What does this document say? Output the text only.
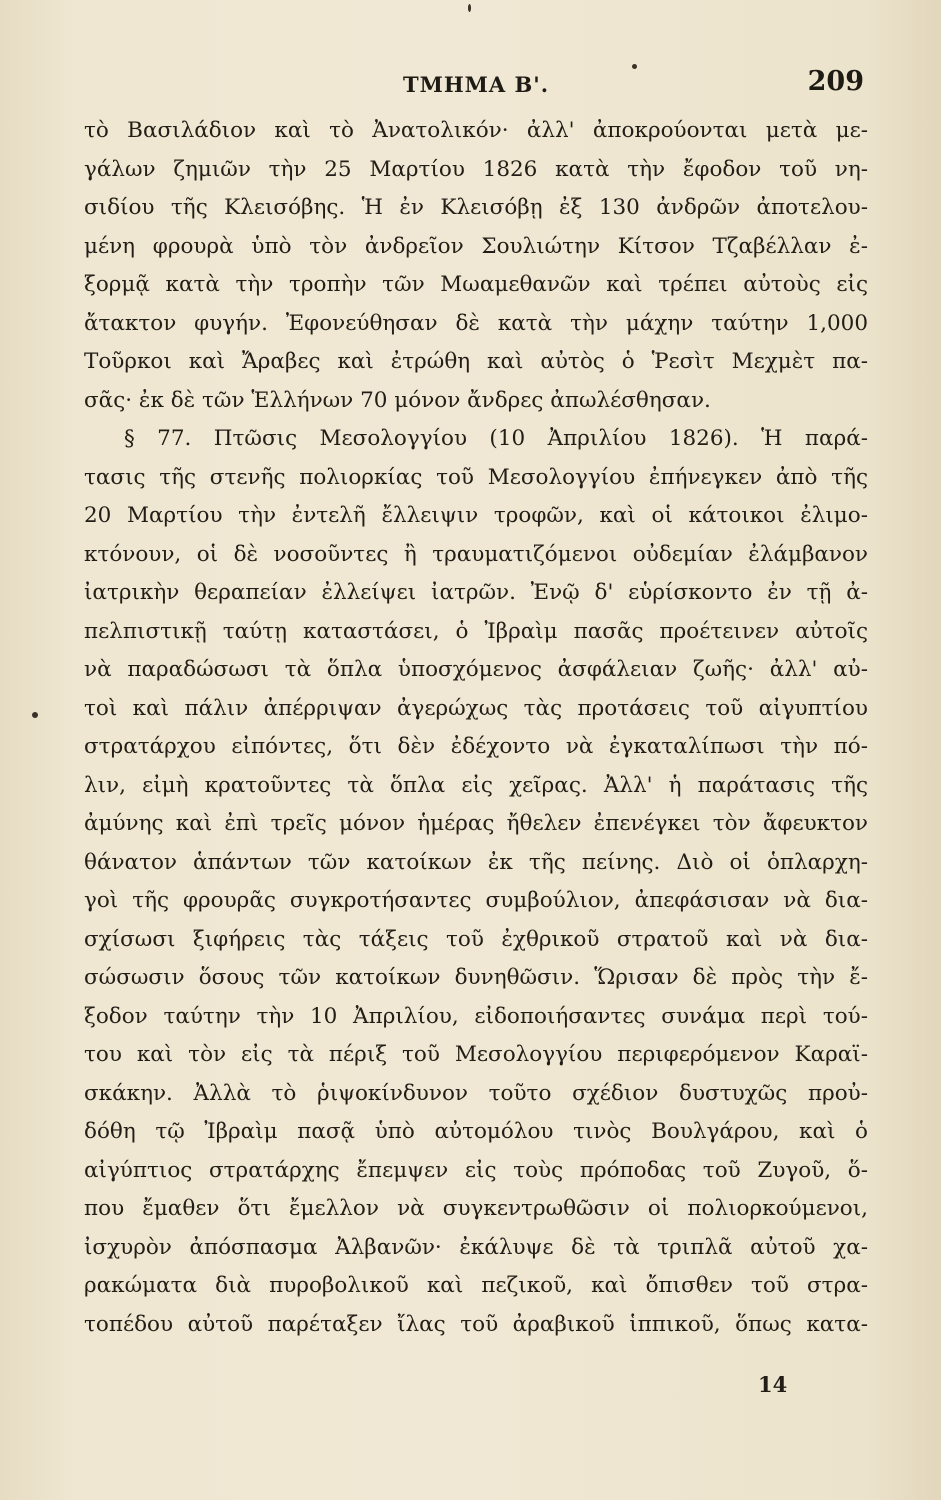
ΤΜΗΜΑ Β'.	209
τὸ Βασιλάδιον καὶ τὸ Ἀνατολικόν· ἀλλ' ἀποκρούονται μετὰ με-
γάλων ζημιῶν τὴν 25 Μαρτίου 1826 κατὰ τὴν ἔφοδον τοῦ νη-
σιδίου τῆς Κλεισόβης. Ἡ ἐν Κλεισόβῃ ἐξ 130 ἀνδρῶν ἀποτελου-
μένη φρουρὰ ὑπὸ τὸν ἀνδρεῖον Σουλιώτην Κίτσον Τζαβέλλαν ἐ-
ξορμᾷ κατὰ τὴν τροπὴν τῶν Μωαμεθανῶν καὶ τρέπει αὐτοὺς εἰς
ἄτακτον φυγήν. Ἐφονεύθησαν δὲ κατὰ τὴν μάχην ταύτην 1,000
Τοῦρκοι καὶ Ἄραβες καὶ ἐτρώθη καὶ αὐτὸς ὁ Ῥεσὶτ Μεχμὲτ πα-
σᾶς· ἐκ δὲ τῶν Ἑλλήνων 70 μόνον ἄνδρες ἀπωλέσθησαν.
§ 77. Πτῶσις Μεσολογγίου (10 Ἀπριλίου 1826). Ἡ παρά-
τασις τῆς στενῆς πολιορκίας τοῦ Μεσολογγίου ἐπήνεγκεν ἀπὸ τῆς
20 Μαρτίου τὴν ἐντελῆ ἔλλειψιν τροφῶν, καὶ οἱ κάτοικοι ἐλιμο-
κτόνουν, οἱ δὲ νοσοῦντες ἢ τραυματιζόμενοι οὐδεμίαν ἐλάμβανον
ἰατρικὴν θεραπείαν ἐλλείψει ἰατρῶν. Ἐνῷ δ' εὑρίσκοντο ἐν τῇ ἀ-
πελπιστικῇ ταύτῃ καταστάσει, ὁ Ἰβραὶμ πασᾶς προέτεινεν αὐτοῖς
νὰ παραδώσωσι τὰ ὅπλα ὑποσχόμενος ἀσφάλειαν ζωῆς· ἀλλ' αὐ-
τοὶ καὶ πάλιν ἀπέρριψαν ἀγερώχως τὰς προτάσεις τοῦ αἰγυπτίου
στρατάρχου εἰπόντες, ὅτι δὲν ἐδέχοντο νὰ ἐγκαταλίπωσι τὴν πό-
λιν, εἰμὴ κρατοῦντες τὰ ὅπλα εἰς χεῖρας. Ἀλλ' ἡ παράτασις τῆς
ἀμύνης καὶ ἐπὶ τρεῖς μόνον ἡμέρας ἤθελεν ἐπενέγκει τὸν ἄφευκτον
θάνατον ἁπάντων τῶν κατοίκων ἐκ τῆς πείνης. Διὸ οἱ ὁπλαρχη-
γοὶ τῆς φρουρᾶς συγκροτήσαντες συμβούλιον, ἀπεφάσισαν νὰ δια-
σχίσωσι ξιφήρεις τὰς τάξεις τοῦ ἐχθρικοῦ στρατοῦ καὶ νὰ δια-
σώσωσιν ὅσους τῶν κατοίκων δυνηθῶσιν. Ὥρισαν δὲ πρὸς τὴν ἔ-
ξοδον ταύτην τὴν 10 Ἀπριλίου, εἰδοποιήσαντες συνάμα περὶ τού-
του καὶ τὸν εἰς τὰ πέριξ τοῦ Μεσολογγίου περιφερόμενον Καραϊ-
σκάκην. Ἀλλὰ τὸ ῥιψοκίνδυνον τοῦτο σχέδιον δυστυχῶς προὐ-
δόθη τῷ Ἰβραὶμ πασᾷ ὑπὸ αὐτομόλου τινὸς Βουλγάρου, καὶ ὁ
αἰγύπτιος στρατάρχης ἔπεμψεν εἰς τοὺς πρόποδας τοῦ Ζυγοῦ, ὅ-
που ἔμαθεν ὅτι ἔμελλον νὰ συγκεντρωθῶσιν οἱ πολιορκούμενοι,
ἰσχυρὸν ἀπόσπασμα Ἀλβανῶν· ἐκάλυψε δὲ τὰ τριπλᾶ αὐτοῦ χα-
ρακώματα διὰ πυροβολικοῦ καὶ πεζικοῦ, καὶ ὄπισθεν τοῦ στρα-
τοπέδου αὐτοῦ παρέταξεν ἴλας τοῦ ἀραβικοῦ ἱππικοῦ, ὅπως κατα-
14
